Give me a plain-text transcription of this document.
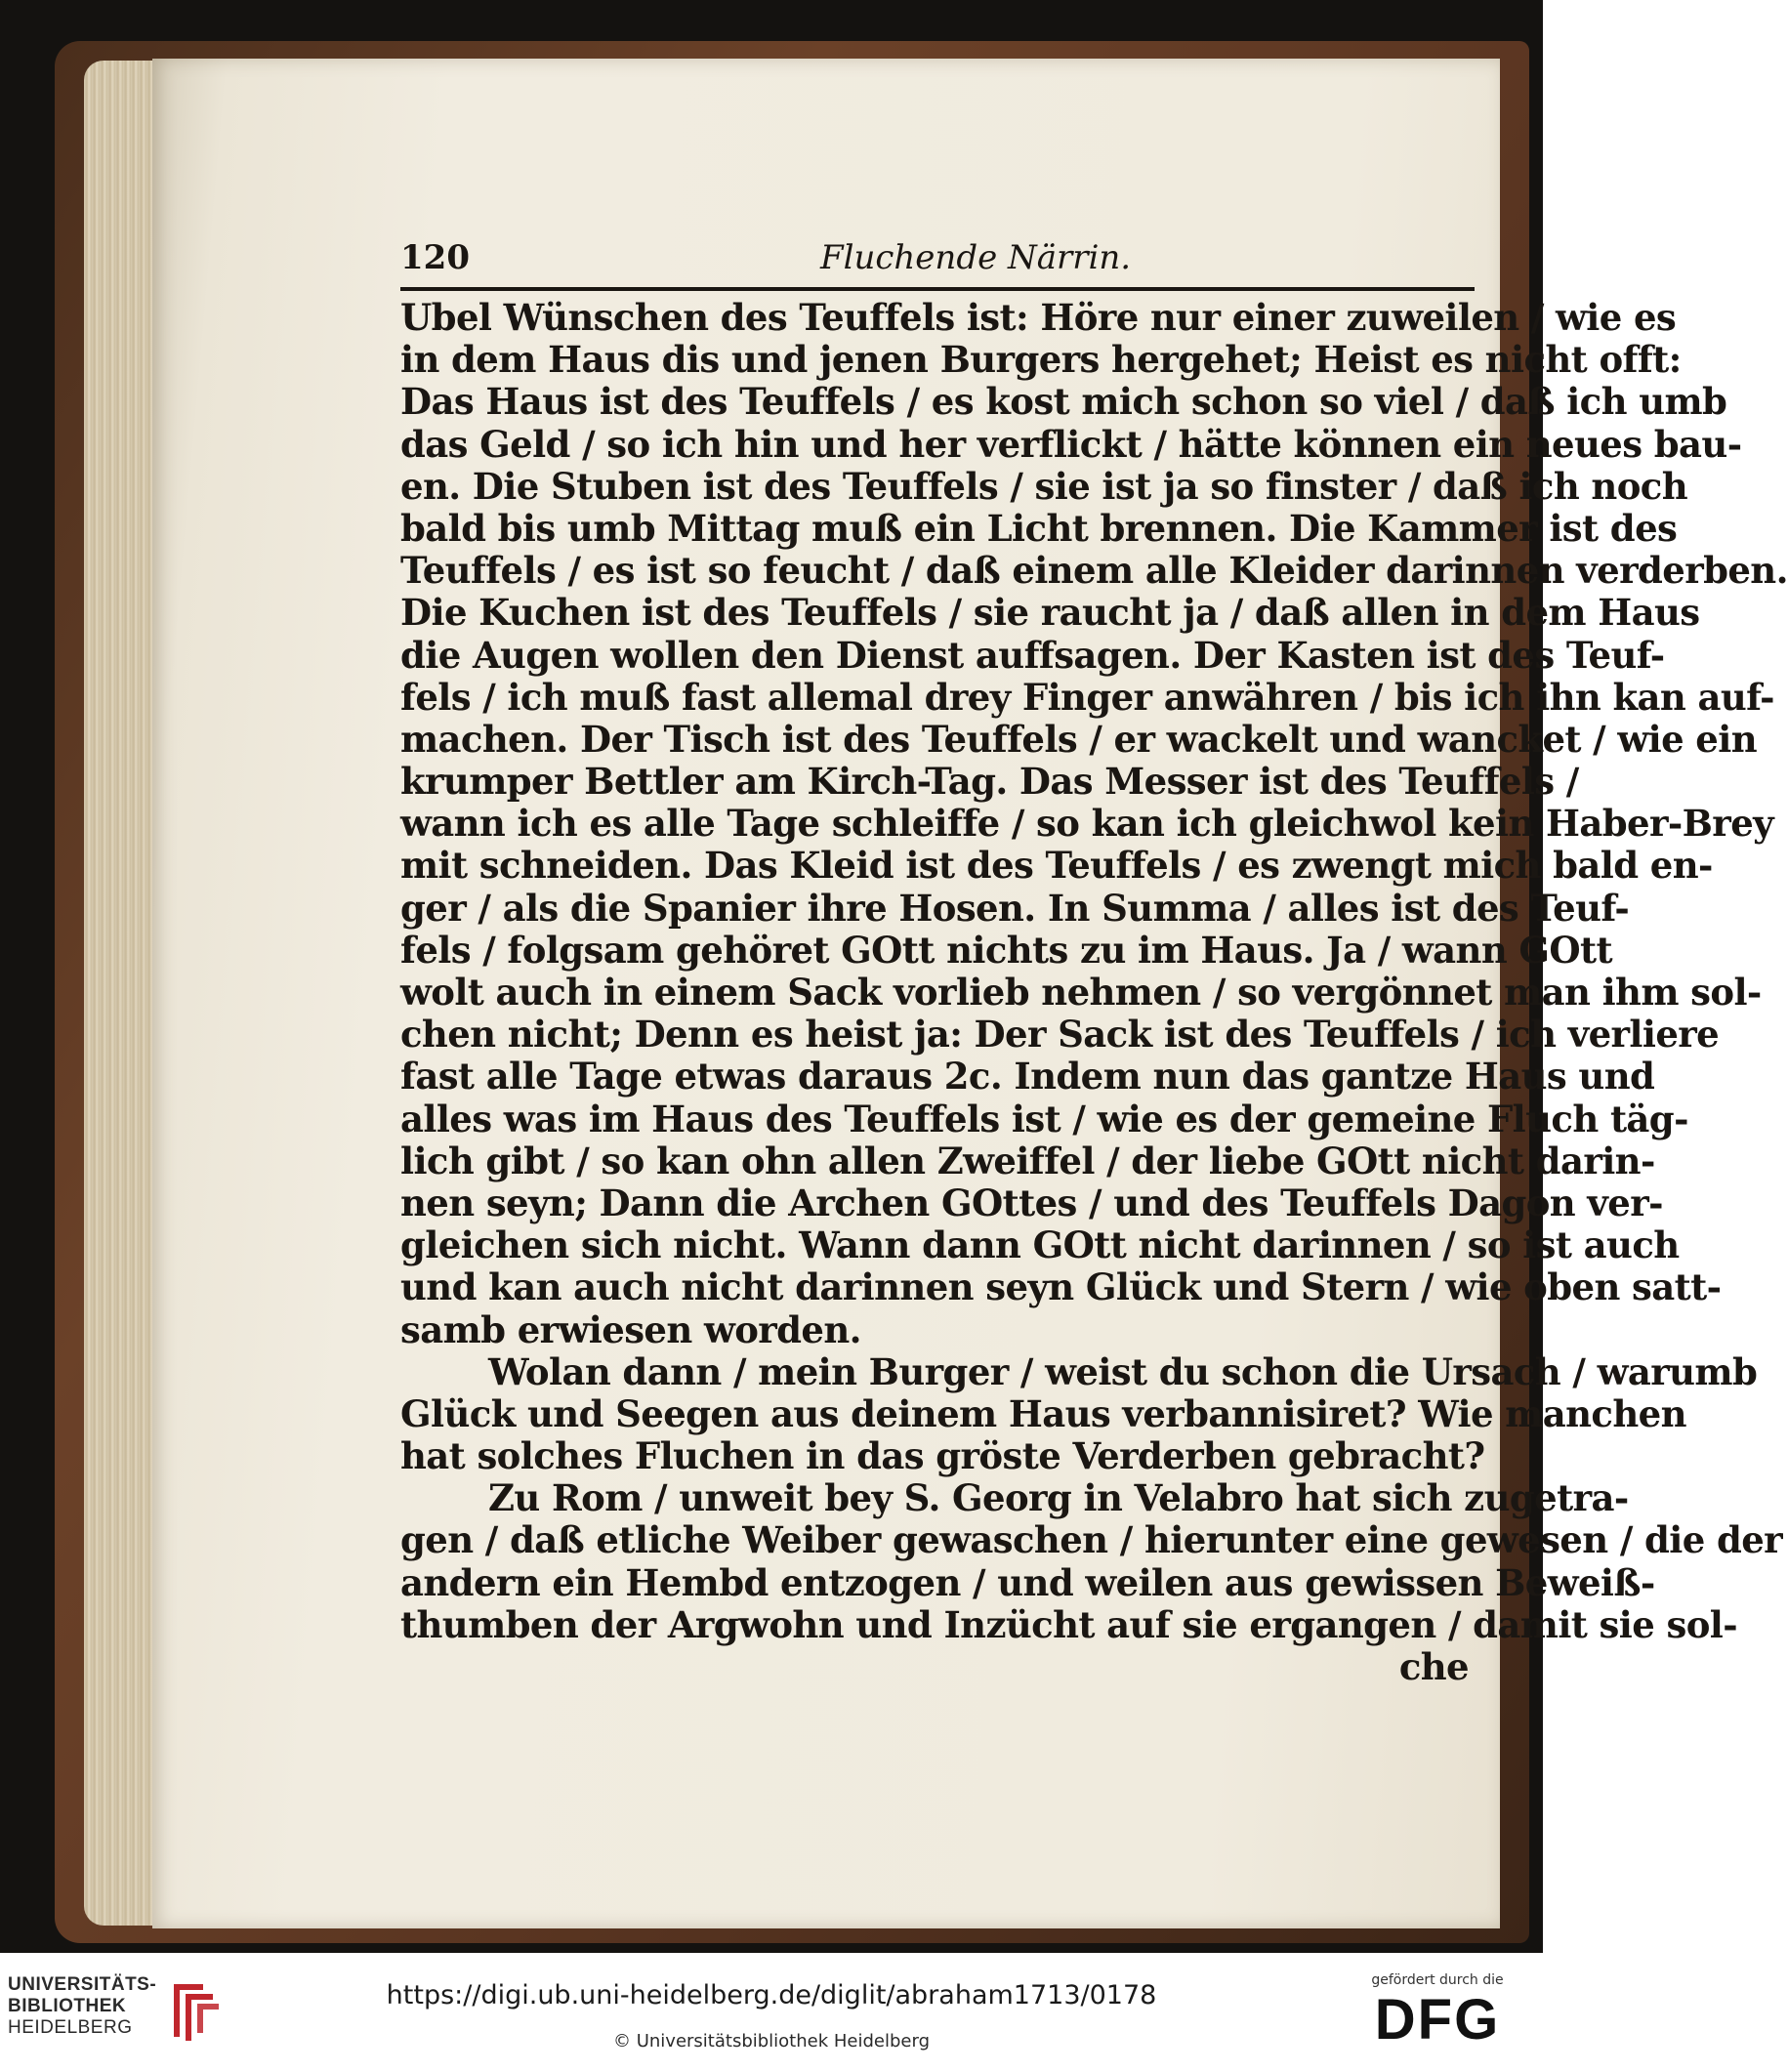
120	Fluchende Närrin.
Ubel Wünschen des Teuffels ist: Höre nur einer zuweilen / wie es
in dem Haus dis und jenen Burgers hergehet; Heist es nicht offt:
Das Haus ist des Teuffels / es kost mich schon so viel / daß ich umb
das Geld / so ich hin und her verflickt / hätte können ein neues bau-
en. Die Stuben ist des Teuffels / sie ist ja so finster / daß ich noch
bald bis umb Mittag muß ein Licht brennen. Die Kammer ist des
Teuffels / es ist so feucht / daß einem alle Kleider darinnen verderben.
Die Kuchen ist des Teuffels / sie raucht ja / daß allen in dem Haus
die Augen wollen den Dienst auffsagen. Der Kasten ist des Teuf-
fels / ich muß fast allemal drey Finger anwähren / bis ich ihn kan auf-
machen. Der Tisch ist des Teuffels / er wackelt und wancket / wie ein
krumper Bettler am Kirch-Tag. Das Messer ist des Teuffels /
wann ich es alle Tage schleiffe / so kan ich gleichwol kein Haber-Brey
mit schneiden. Das Kleid ist des Teuffels / es zwengt mich bald en-
ger / als die Spanier ihre Hosen. In Summa / alles ist des Teuf-
fels / folgsam gehöret GOtt nichts zu im Haus. Ja / wann GOtt
wolt auch in einem Sack vorlieb nehmen / so vergönnet man ihm sol-
chen nicht; Denn es heist ja: Der Sack ist des Teuffels / ich verliere
fast alle Tage etwas daraus 2c. Indem nun das gantze Haus und
alles was im Haus des Teuffels ist / wie es der gemeine Fluch täg-
lich gibt / so kan ohn allen Zweiffel / der liebe GOtt nicht darin-
nen seyn; Dann die Archen GOttes / und des Teuffels Dagon ver-
gleichen sich nicht. Wann dann GOtt nicht darinnen / so ist auch
und kan auch nicht darinnen seyn Glück und Stern / wie oben satt-
samb erwiesen worden.
Wolan dann / mein Burger / weist du schon die Ursach / warumb
Glück und Seegen aus deinem Haus verbannisiret? Wie manchen
hat solches Fluchen in das gröste Verderben gebracht?
Zu Rom / unweit bey S. Georg in Velabro hat sich zugetra-
gen / daß etliche Weiber gewaschen / hierunter eine gewesen / die der
andern ein Hembd entzogen / und weilen aus gewissen Beweiß-
thumben der Argwohn und Inzücht auf sie ergangen / damit sie sol-
che
UNIVERSITÄTS-
BIBLIOTHEK
HEIDELBERG
https://digi.ub.uni-heidelberg.de/diglit/abraham1713/0178
© Universitätsbibliothek Heidelberg
gefördert durch die
DFG
